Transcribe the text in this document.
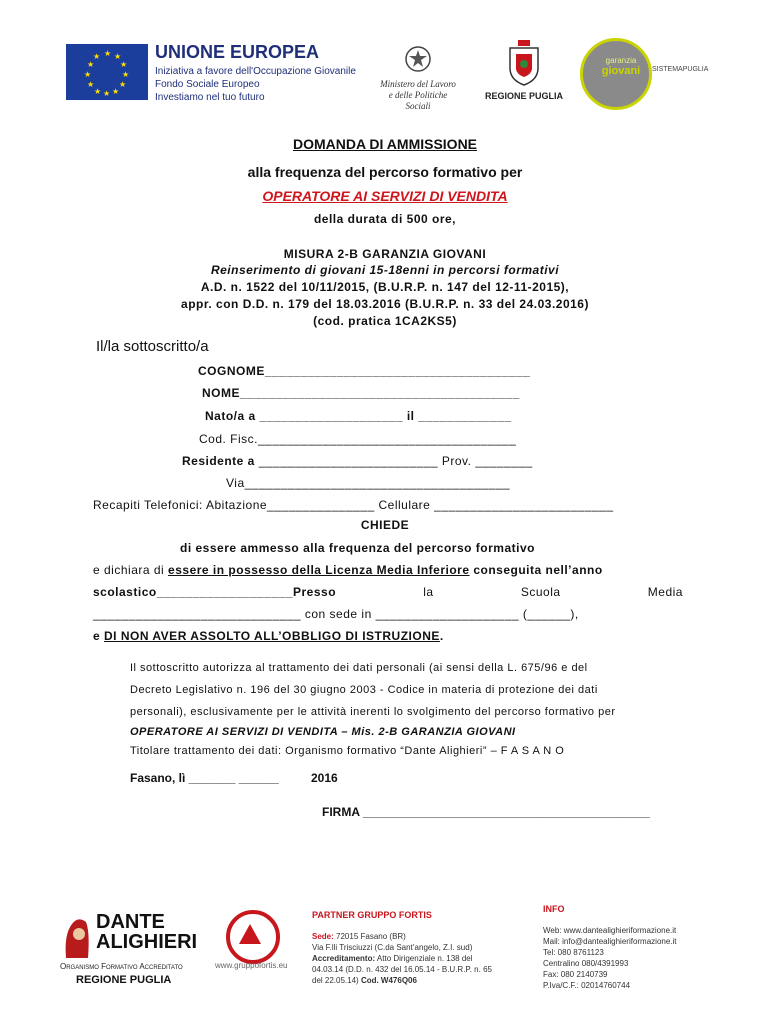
★ ★
★
★
★
★
★
★
★
★
★
★	UNIONE EUROPEA
Iniziativa a favore dell'Occupazione Giovanile
Fondo Sociale Europeo
Investiamo nel tuo futuro
Ministero del Lavoro
e delle Politiche Sociali
REGIONE PUGLIA
garanzia
giovani	SISTEMAPUGLIA
DOMANDA DI AMMISSIONE
alla frequenza del percorso formativo per
OPERATORE AI SERVIZI DI VENDITA
della durata di 500 ore,
MISURA 2-B GARANZIA GIOVANI
Reinserimento di giovani 15-18enni in percorsi formativi
A.D. n. 1522 del 10/11/2015, (B.U.R.P. n. 147 del 12-11-2015),
appr. con D.D. n. 179 del 18.03.2016 (B.U.R.P. n. 33 del 24.03.2016)
(cod. pratica 1CA2KS5)
Il/la sottoscritto/a
COGNOME_____________________________________
NOME_______________________________________
Nato/a a ____________________ il _____________
Cod. Fisc.____________________________________
Residente a _________________________ Prov. ________
Via_____________________________________
Recapiti Telefonici: Abitazione_______________ Cellulare _________________________
CHIEDE
di essere ammesso alla frequenza del percorso formativo
e dichiara di essere in possesso della Licenza Media Inferiore conseguita nell’anno
scolastico___________________Presso	la	Scuola	Media
_____________________________ con sede in ____________________ (______),
e DI NON AVER ASSOLTO ALL’OBBLIGO DI ISTRUZIONE.
Il sottoscritto autorizza al trattamento dei dati personali (ai sensi della L. 675/96 e del
Decreto Legislativo n. 196 del 30 giugno 2003 - Codice in materia di protezione dei dati
personali), esclusivamente per le attività inerenti lo svolgimento del percorso formativo per
OPERATORE AI SERVIZI DI VENDITA – Mis. 2-B GARANZIA GIOVANI
Titolare trattamento dei dati: Organismo formativo “Dante Alighieri” – F A S A N O
Fasano, lì _______ ______	2016
FIRMA ___________________________________________
DANTE
ALIGHIERI
Organismo Formativo Accreditato
REGIONE PUGLIA
www.gruppofortis.eu
PARTNER GRUPPO FORTIS
Sede: 72015 Fasano (BR)
Via F.lli Trisciuzzi (C.da Sant’angelo, Z.I. sud)
Accreditamento: Atto Dirigenziale n. 138 del
04.03.14 (D.D. n. 432 del 16.05.14 - B.U.R.P. n. 65
del 22.05.14) Cod. W476Q06
INFO
Web: www.dantealighieriformazione.it
Mail: info@dantealighieriformazione.it
Tel: 080 8761123
Centralino 080/4391993
Fax: 080 2140739
P.Iva/C.F.: 02014760744
